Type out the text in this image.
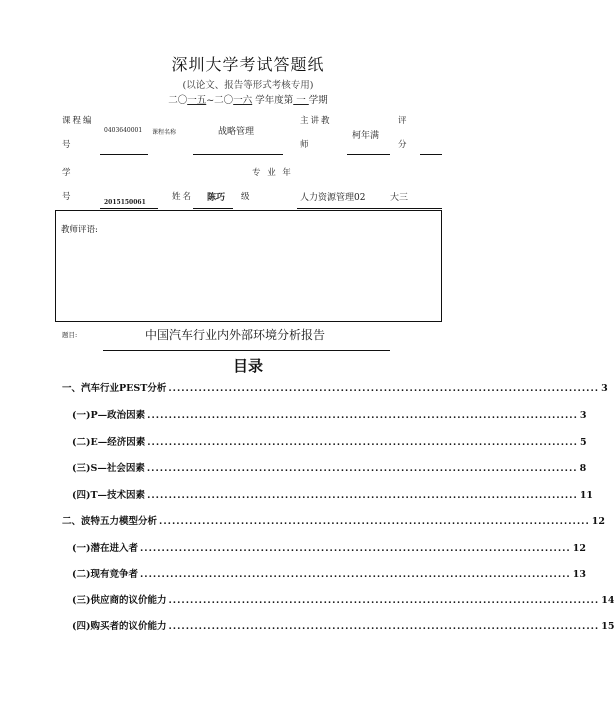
深圳大学考试答题纸
(以论文、报告等形式考核专用)
二〇一五~二〇一六 学年度第 一 学期
课程编
号
0403640001 课程名称	战略管理
主讲教
师
柯年满
评
分
学
号
2015150061
姓名 陈巧
专 业 年
级	人力资源管理02	大三
教师评语:
题目:	中国汽车行业内外部环境分析报告
目录
一、汽车行业PEST分析 .................................................................................................... 3
(一)P—政治因素 .................................................................................................... 3
(二)E—经济因素 .................................................................................................... 5
(三)S—社会因素 .................................................................................................... 8
(四)T—技术因素 .................................................................................................... 11
二、波特五力模型分析 .................................................................................................... 12
(一)潜在进入者 .................................................................................................... 12
(二)现有竞争者 .................................................................................................... 13
(三)供应商的议价能力 .................................................................................................... 14
(四)购买者的议价能力 .................................................................................................... 15
